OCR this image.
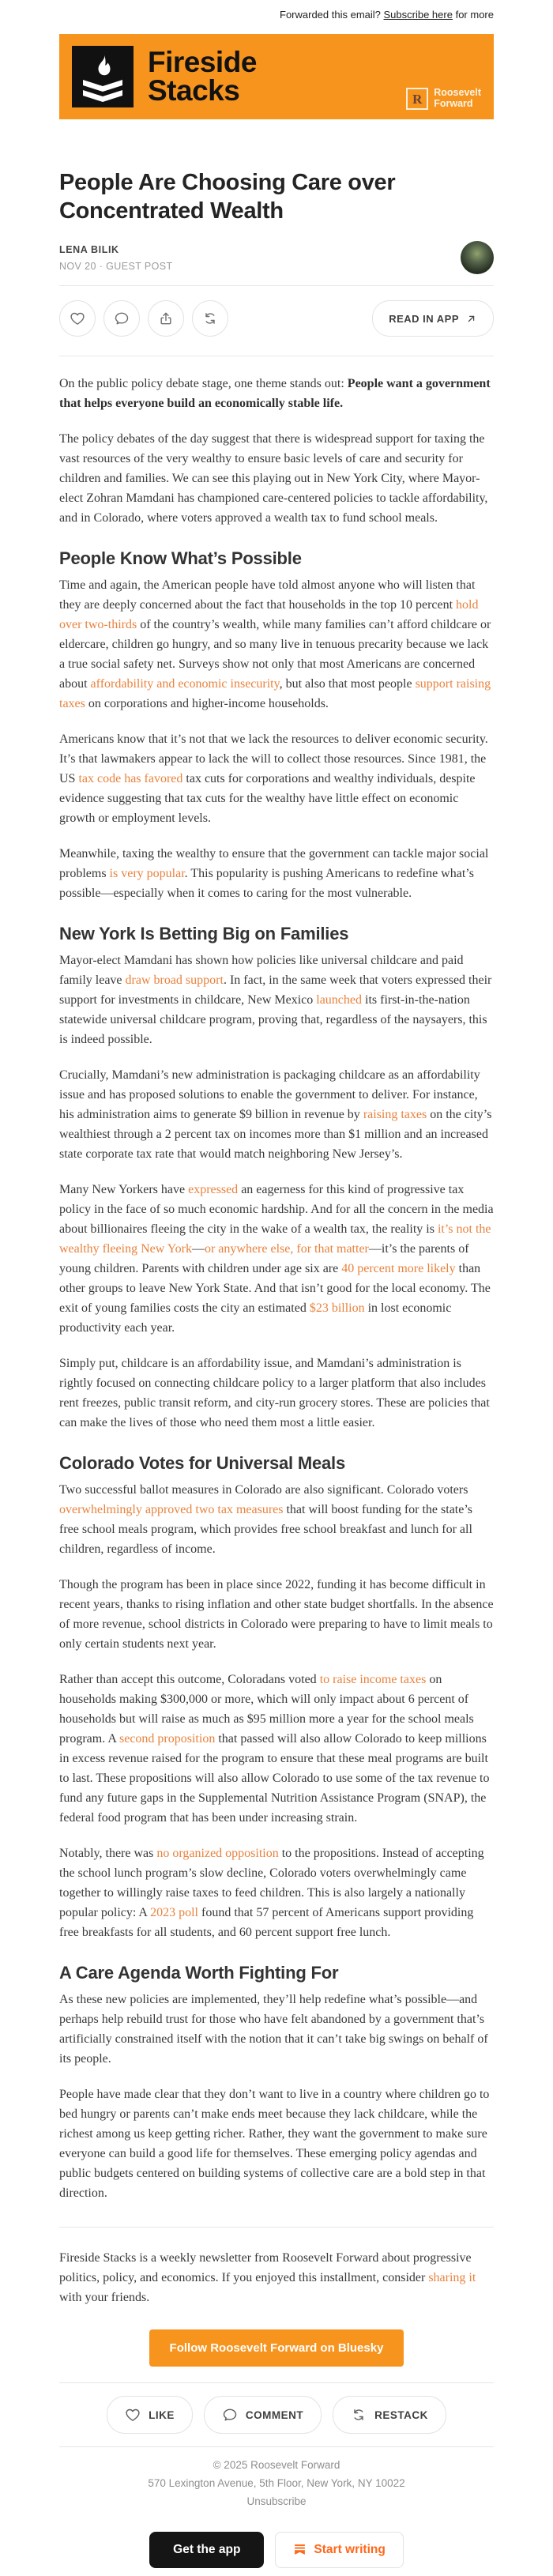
Forwarded this email? Subscribe here for more
Fireside
Stacks	R	Roosevelt
Forward
People Are Choosing Care over Concentrated Wealth
LENA BILIK
NOV 20 · GUEST POST
READ IN APP

On the public policy debate stage, one theme stands out: People want a government that helps everyone build an economically stable life.

The policy debates of the day suggest that there is widespread support for taxing the vast resources of the very wealthy to ensure basic levels of care and security for children and families. We can see this playing out in New York City, where Mayor-elect Zohran Mamdani has championed care-centered policies to tackle affordability, and in Colorado, where voters approved a wealth tax to fund school meals.

People Know What’s Possible

Time and again, the American people have told almost anyone who will listen that they are deeply concerned about the fact that households in the top 10 percent hold over two-thirds of the country’s wealth, while many families can’t afford childcare or eldercare, children go hungry, and so many live in tenuous precarity because we lack a true social safety net. Surveys show not only that most Americans are concerned about affordability and economic insecurity, but also that most people support raising taxes on corporations and higher-income households.

Americans know that it’s not that we lack the resources to deliver economic security. It’s that lawmakers appear to lack the will to collect those resources. Since 1981, the US tax code has favored tax cuts for corporations and wealthy individuals, despite evidence suggesting that tax cuts for the wealthy have little effect on economic growth or employment levels.

Meanwhile, taxing the wealthy to ensure that the government can tackle major social problems is very popular. This popularity is pushing Americans to redefine what’s possible—especially when it comes to caring for the most vulnerable.

New York Is Betting Big on Families

Mayor-elect Mamdani has shown how policies like universal childcare and paid family leave draw broad support. In fact, in the same week that voters expressed their support for investments in childcare, New Mexico launched its first-in-the-nation statewide universal childcare program, proving that, regardless of the naysayers, this is indeed possible.

Crucially, Mamdani’s new administration is packaging childcare as an affordability issue and has proposed solutions to enable the government to deliver. For instance, his administration aims to generate $9 billion in revenue by raising taxes on the city’s wealthiest through a 2 percent tax on incomes more than $1 million and an increased state corporate tax rate that would match neighboring New Jersey’s.

Many New Yorkers have expressed an eagerness for this kind of progressive tax policy in the face of so much economic hardship. And for all the concern in the media about billionaires fleeing the city in the wake of a wealth tax, the reality is it’s not the wealthy fleeing New York—or anywhere else, for that matter—it’s the parents of young children. Parents with children under age six are 40 percent more likely than other groups to leave New York State. And that isn’t good for the local economy. The exit of young families costs the city an estimated $23 billion in lost economic productivity each year.

Simply put, childcare is an affordability issue, and Mamdani’s administration is rightly focused on connecting childcare policy to a larger platform that also includes rent freezes, public transit reform, and city-run grocery stores. These are policies that can make the lives of those who need them most a little easier.

Colorado Votes for Universal Meals

Two successful ballot measures in Colorado are also significant. Colorado voters overwhelmingly approved two tax measures that will boost funding for the state’s free school meals program, which provides free school breakfast and lunch for all children, regardless of income.

Though the program has been in place since 2022, funding it has become difficult in recent years, thanks to rising inflation and other state budget shortfalls. In the absence of more revenue, school districts in Colorado were preparing to have to limit meals to only certain students next year.

Rather than accept this outcome, Coloradans voted to raise income taxes on households making $300,000 or more, which will only impact about 6 percent of households but will raise as much as $95 million more a year for the school meals program. A second proposition that passed will also allow Colorado to keep millions in excess revenue raised for the program to ensure that these meal programs are built to last. These propositions will also allow Colorado to use some of the tax revenue to fund any future gaps in the Supplemental Nutrition Assistance Program (SNAP), the federal food program that has been under increasing strain.

Notably, there was no organized opposition to the propositions. Instead of accepting the school lunch program’s slow decline, Colorado voters overwhelmingly came together to willingly raise taxes to feed children. This is also largely a nationally popular policy: A 2023 poll found that 57 percent of Americans support providing free breakfasts for all students, and 60 percent support free lunch.

A Care Agenda Worth Fighting For

As these new policies are implemented, they’ll help redefine what’s possible—and perhaps help rebuild trust for those who have felt abandoned by a government that’s artificially constrained itself with the notion that it can’t take big swings on behalf of its people.

People have made clear that they don’t want to live in a country where children go to bed hungry or parents can’t make ends meet because they lack childcare, while the richest among us keep getting richer. Rather, they want the government to make sure everyone can build a good life for themselves. These emerging policy agendas and public budgets centered on building systems of collective care are a bold step in that direction.

Fireside Stacks is a weekly newsletter from Roosevelt Forward about progressive politics, policy, and economics. If you enjoyed this installment, consider sharing it with your friends.

Follow Roosevelt Forward on Bluesky
LIKE	COMMENT	RESTACK
© 2025 Roosevelt Forward
570 Lexington Avenue, 5th Floor, New York, NY 10022
Unsubscribe
Get the app	Start writing
